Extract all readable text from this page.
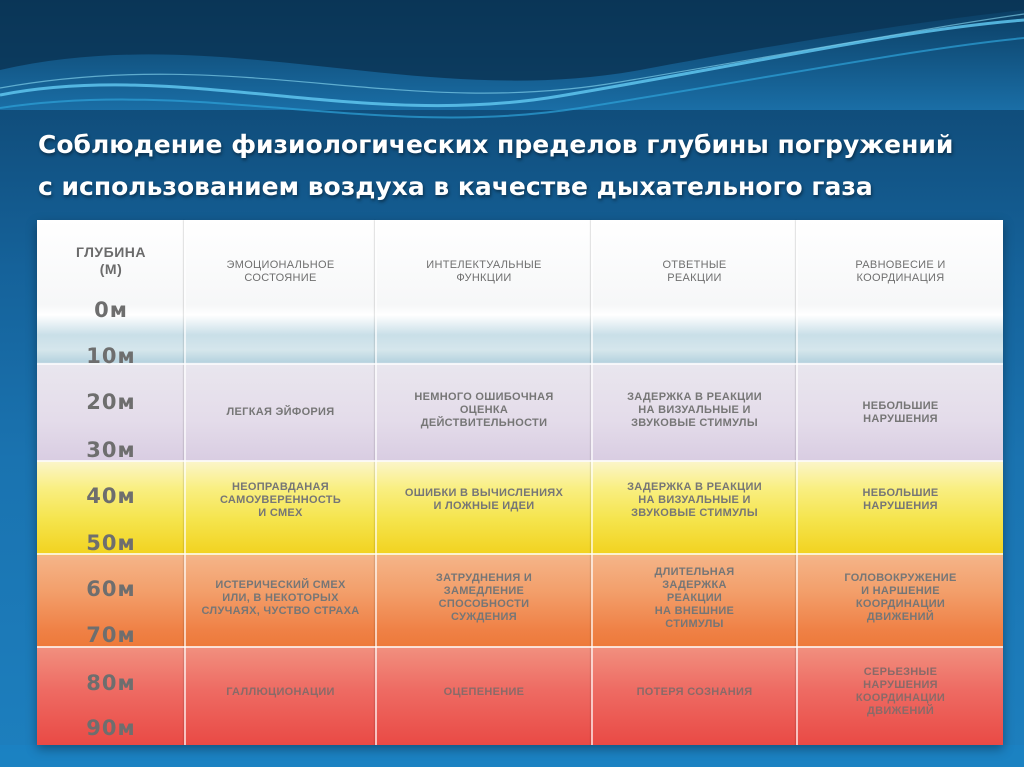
Соблюдение физиологических пределов глубины погружений
с использованием воздуха в качестве дыхательного газа
ГЛУБИНА
(М)
0м
10м
20м
30м
40м
50м
60м
70м
80м
90м
ЭМОЦИОНАЛЬНОЕ
СОСТОЯНИЕ
ИНТЕЛЕКТУАЛЬНЫЕ
ФУНКЦИИ
ОТВЕТНЫЕ
РЕАКЦИИ
РАВНОВЕСИЕ И
КООРДИНАЦИЯ
ЛЕГКАЯ ЭЙФОРИЯ
НЕМНОГО ОШИБОЧНАЯ
ОЦЕНКА
ДЕЙСТВИТЕЛЬНОСТИ
ЗАДЕРЖКА В РЕАКЦИИ
НА ВИЗУАЛЬНЫЕ И
ЗВУКОВЫЕ СТИМУЛЫ
НЕБОЛЬШИЕ
НАРУШЕНИЯ
НЕОПРАВДАНАЯ
САМОУВЕРЕННОСТЬ
И СМЕХ
ОШИБКИ В ВЫЧИСЛЕНИЯХ
И ЛОЖНЫЕ ИДЕИ
ЗАДЕРЖКА В РЕАКЦИИ
НА ВИЗУАЛЬНЫЕ И
ЗВУКОВЫЕ СТИМУЛЫ
НЕБОЛЬШИЕ
НАРУШЕНИЯ
ИСТЕРИЧЕСКИЙ СМЕХ
ИЛИ, В НЕКОТОРЫХ
СЛУЧАЯХ, ЧУСТВО СТРАХА
ЗАТРУДНЕНИЯ И
ЗАМЕДЛЕНИЕ
СПОСОБНОСТИ
СУЖДЕНИЯ
ДЛИТЕЛЬНАЯ
ЗАДЕРЖКА
РЕАКЦИИ
НА ВНЕШНИЕ
СТИМУЛЫ
ГОЛОВОКРУЖЕНИЕ
И НАРШЕНИЕ
КООРДИНАЦИИ
ДВИЖЕНИЙ
ГАЛЛЮЦИОНАЦИИ	ОЦЕПЕНЕНИЕ	ПОТЕРЯ СОЗНАНИЯ
СЕРЬЕЗНЫЕ
НАРУШЕНИЯ
КООРДИНАЦИИ
ДВИЖЕНИЙ
